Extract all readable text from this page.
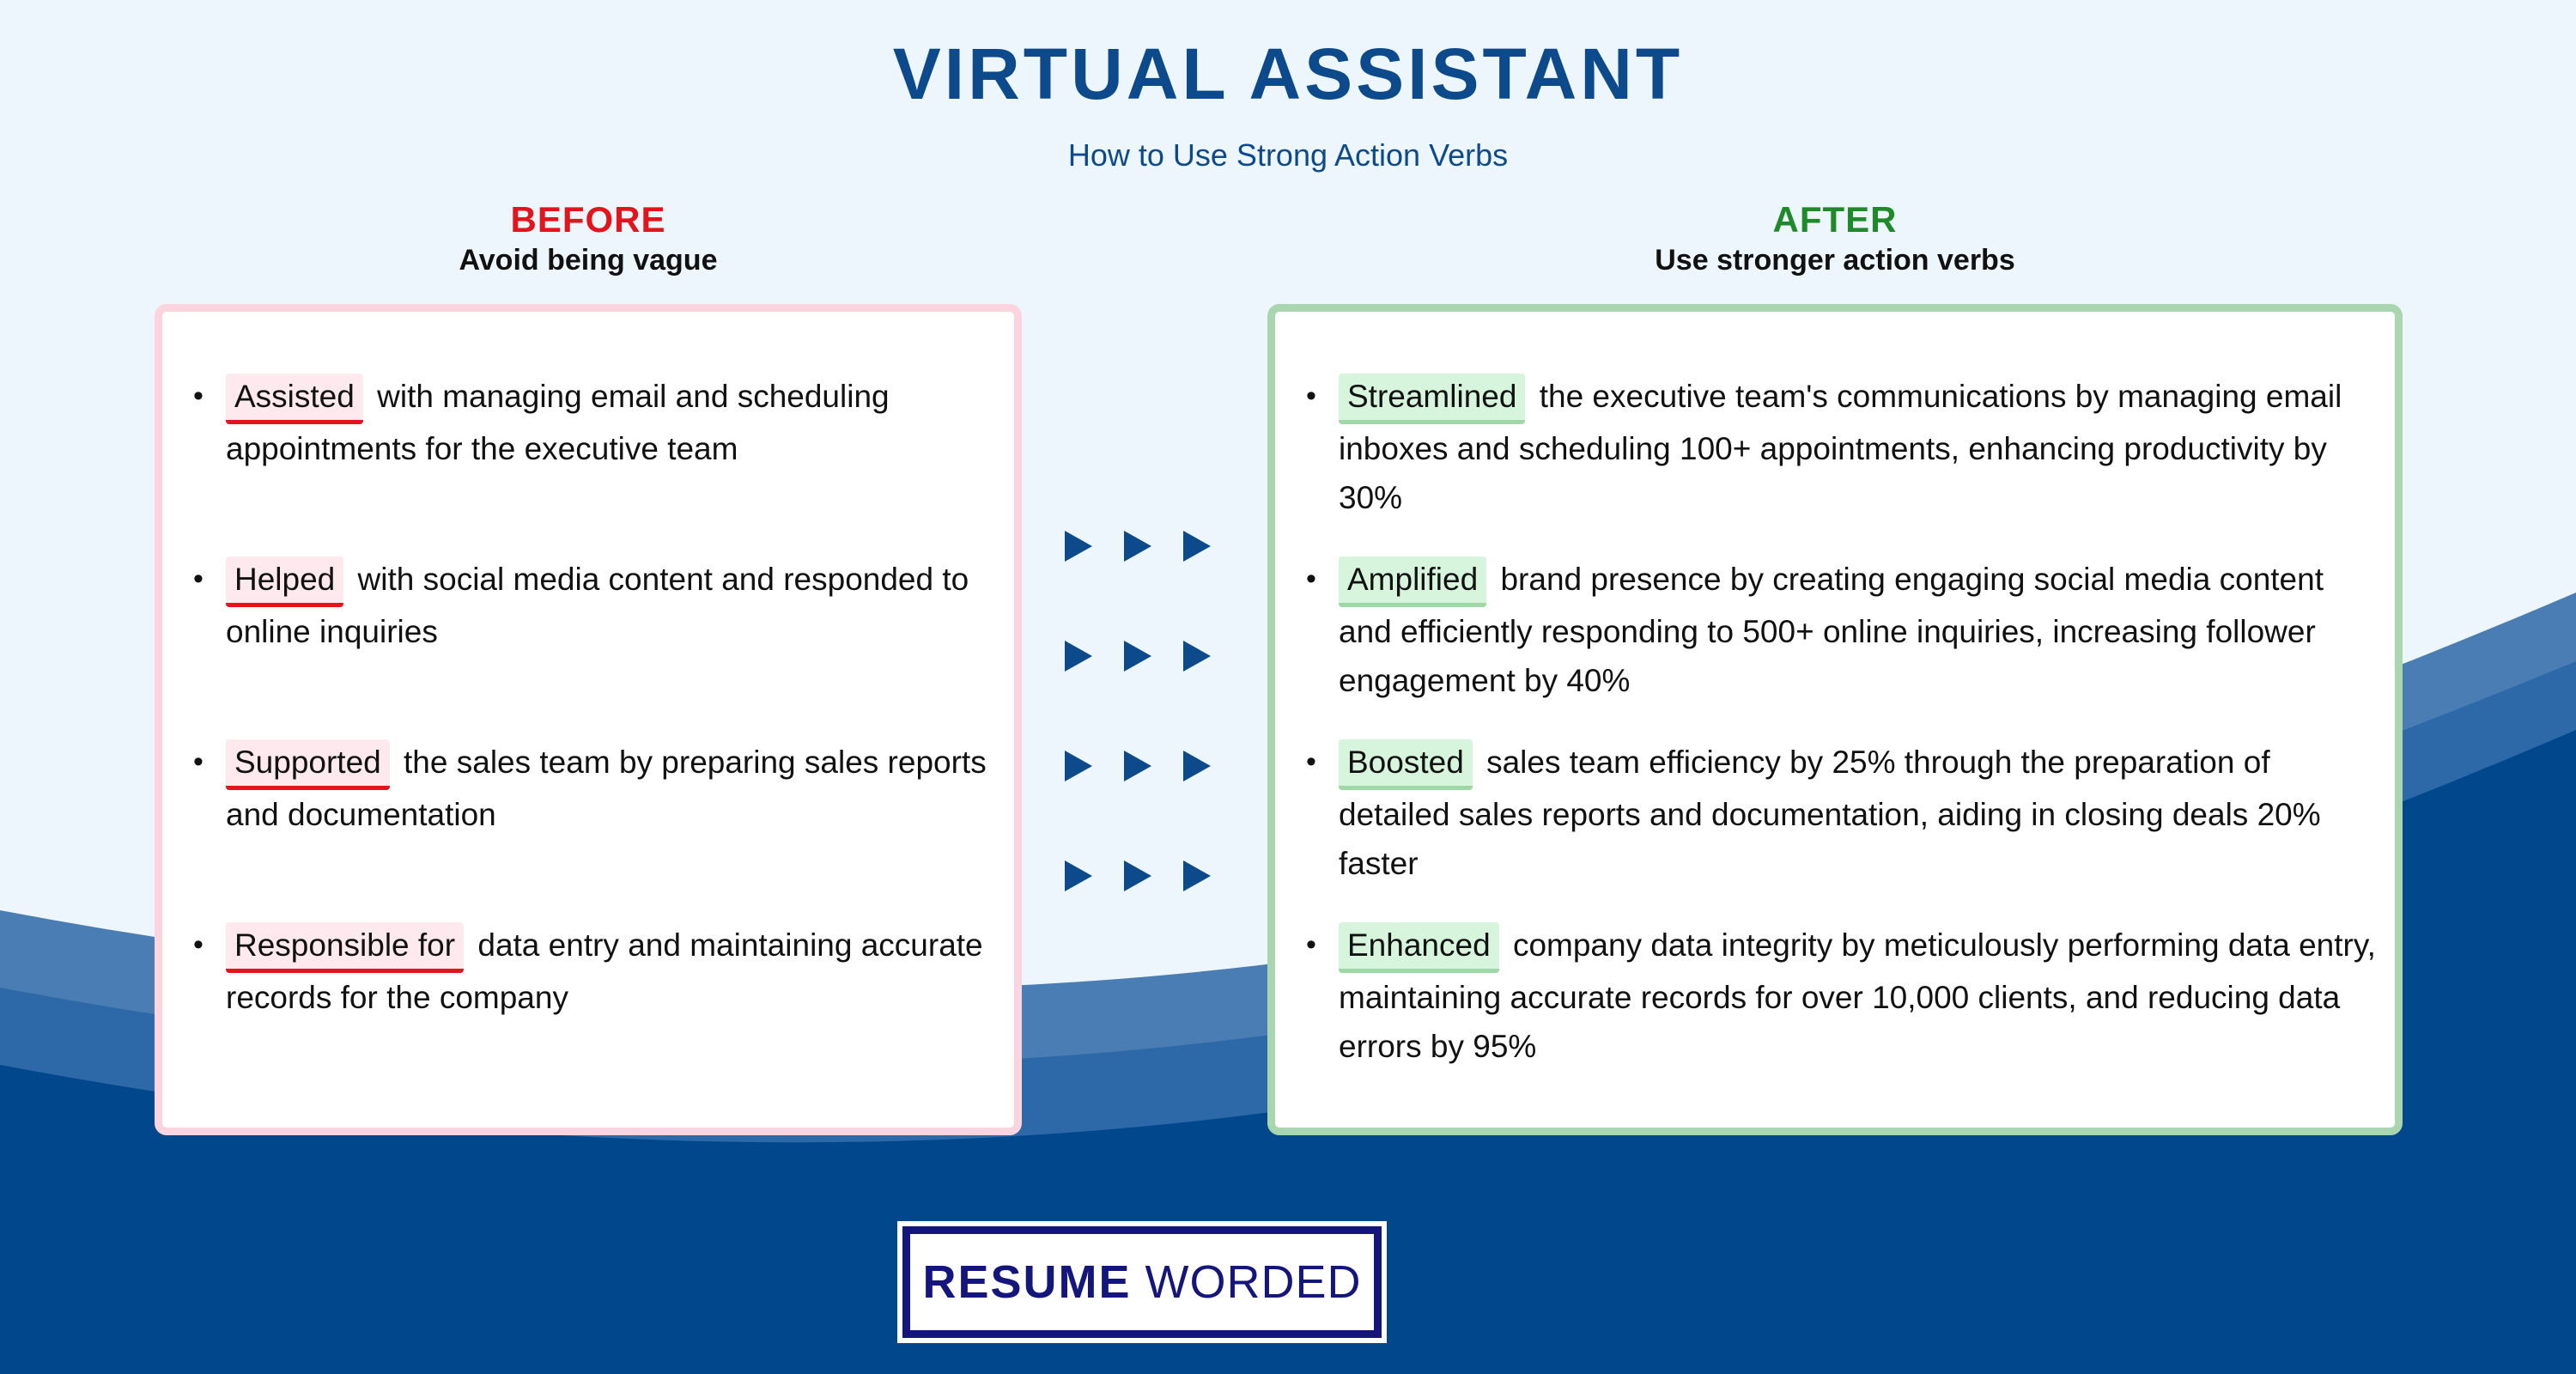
VIRTUAL ASSISTANT
How to Use Strong Action Verbs
BEFORE
Avoid being vague
AFTER
Use stronger action verbs
• Assisted with managing email and scheduling appointments for the executive team
• Helped with social media content and responded to online inquiries
• Supported the sales team by preparing sales reports and documentation
• Responsible for data entry and maintaining accurate records for the company
• Streamlined the executive team's communications by managing email inboxes and scheduling 100+ appointments, enhancing productivity by 30%
• Amplified brand presence by creating engaging social media content and efficiently responding to 500+ online inquiries, increasing follower engagement by 40%
• Boosted sales team efficiency by 25% through the preparation of detailed sales reports and documentation, aiding in closing deals 20% faster
• Enhanced company data integrity by meticulously performing data entry, maintaining accurate records for over 10,000 clients, and reducing data errors by 95%
RESUME WORDED
